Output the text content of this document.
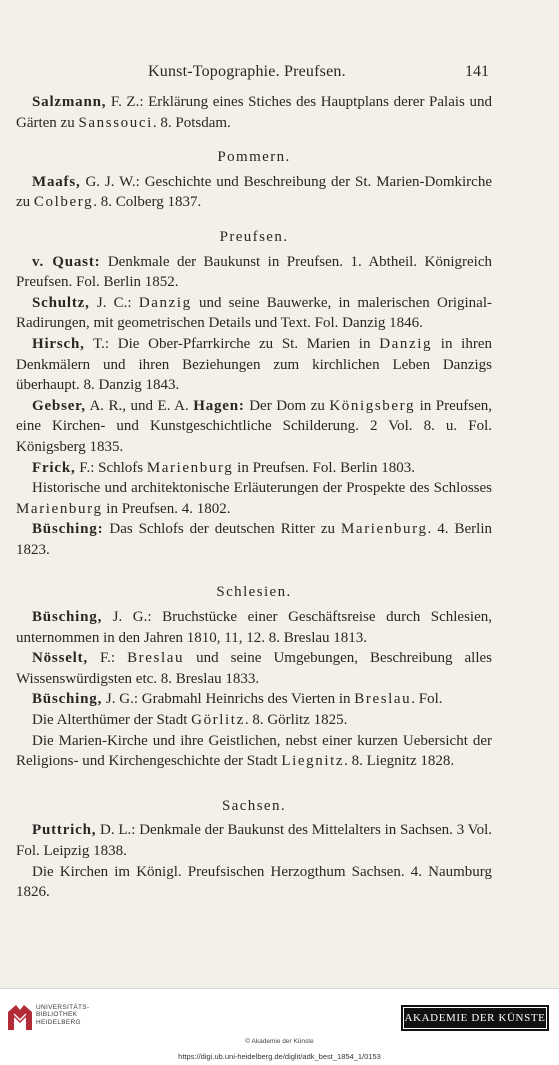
Kunst-Topographie. Preufsen.	141

Salzmann, F. Z.: Erklärung eines Stiches des Hauptplans derer Palais und Gärten zu Sanssouci. 8. Potsdam.

Pommern.

Maafs, G. J. W.: Geschichte und Beschreibung der St. Marien-Domkirche zu Colberg. 8. Colberg 1837.

Preufsen.

v. Quast: Denkmale der Baukunst in Preufsen. 1. Abtheil. Königreich Preufsen. Fol. Berlin 1852.

Schultz, J. C.: Danzig und seine Bauwerke, in malerischen Original-Radirungen, mit geometrischen Details und Text. Fol. Danzig 1846.

Hirsch, T.: Die Ober-Pfarrkirche zu St. Marien in Danzig in ihren Denkmälern und ihren Beziehungen zum kirchlichen Leben Danzigs überhaupt. 8. Danzig 1843.

Gebser, A. R., und E. A. Hagen: Der Dom zu Königsberg in Preufsen, eine Kirchen- und Kunstgeschichtliche Schilderung. 2 Vol. 8. u. Fol. Königsberg 1835.

Frick, F.: Schlofs Marienburg in Preufsen. Fol. Berlin 1803.

Historische und architektonische Erläuterungen der Prospekte des Schlosses Marienburg in Preufsen. 4. 1802.

Büsching: Das Schlofs der deutschen Ritter zu Marienburg. 4. Berlin 1823.

Schlesien.

Büsching, J. G.: Bruchstücke einer Geschäftsreise durch Schlesien, unternommen in den Jahren 1810, 11, 12. 8. Breslau 1813.

Nösselt, F.: Breslau und seine Umgebungen, Beschreibung alles Wissenswürdigsten etc. 8. Breslau 1833.

Büsching, J. G.: Grabmahl Heinrichs des Vierten in Breslau. Fol.

Die Alterthümer der Stadt Görlitz. 8. Görlitz 1825.

Die Marien-Kirche und ihre Geistlichen, nebst einer kurzen Uebersicht der Religions- und Kirchengeschichte der Stadt Liegnitz. 8. Liegnitz 1828.

Sachsen.

Puttrich, D. L.: Denkmale der Baukunst des Mittelalters in Sachsen. 3 Vol. Fol. Leipzig 1838.

Die Kirchen im Königl. Preufsischen Herzogthum Sachsen. 4. Naumburg 1826.

UNIVERSITÄTS-
BIBLIOTHEK
HEIDELBERG	AKADEMIE DER KÜNSTE
© Akademie der Künste
https://digi.ub.uni-heidelberg.de/diglit/adk_best_1854_1/0153
